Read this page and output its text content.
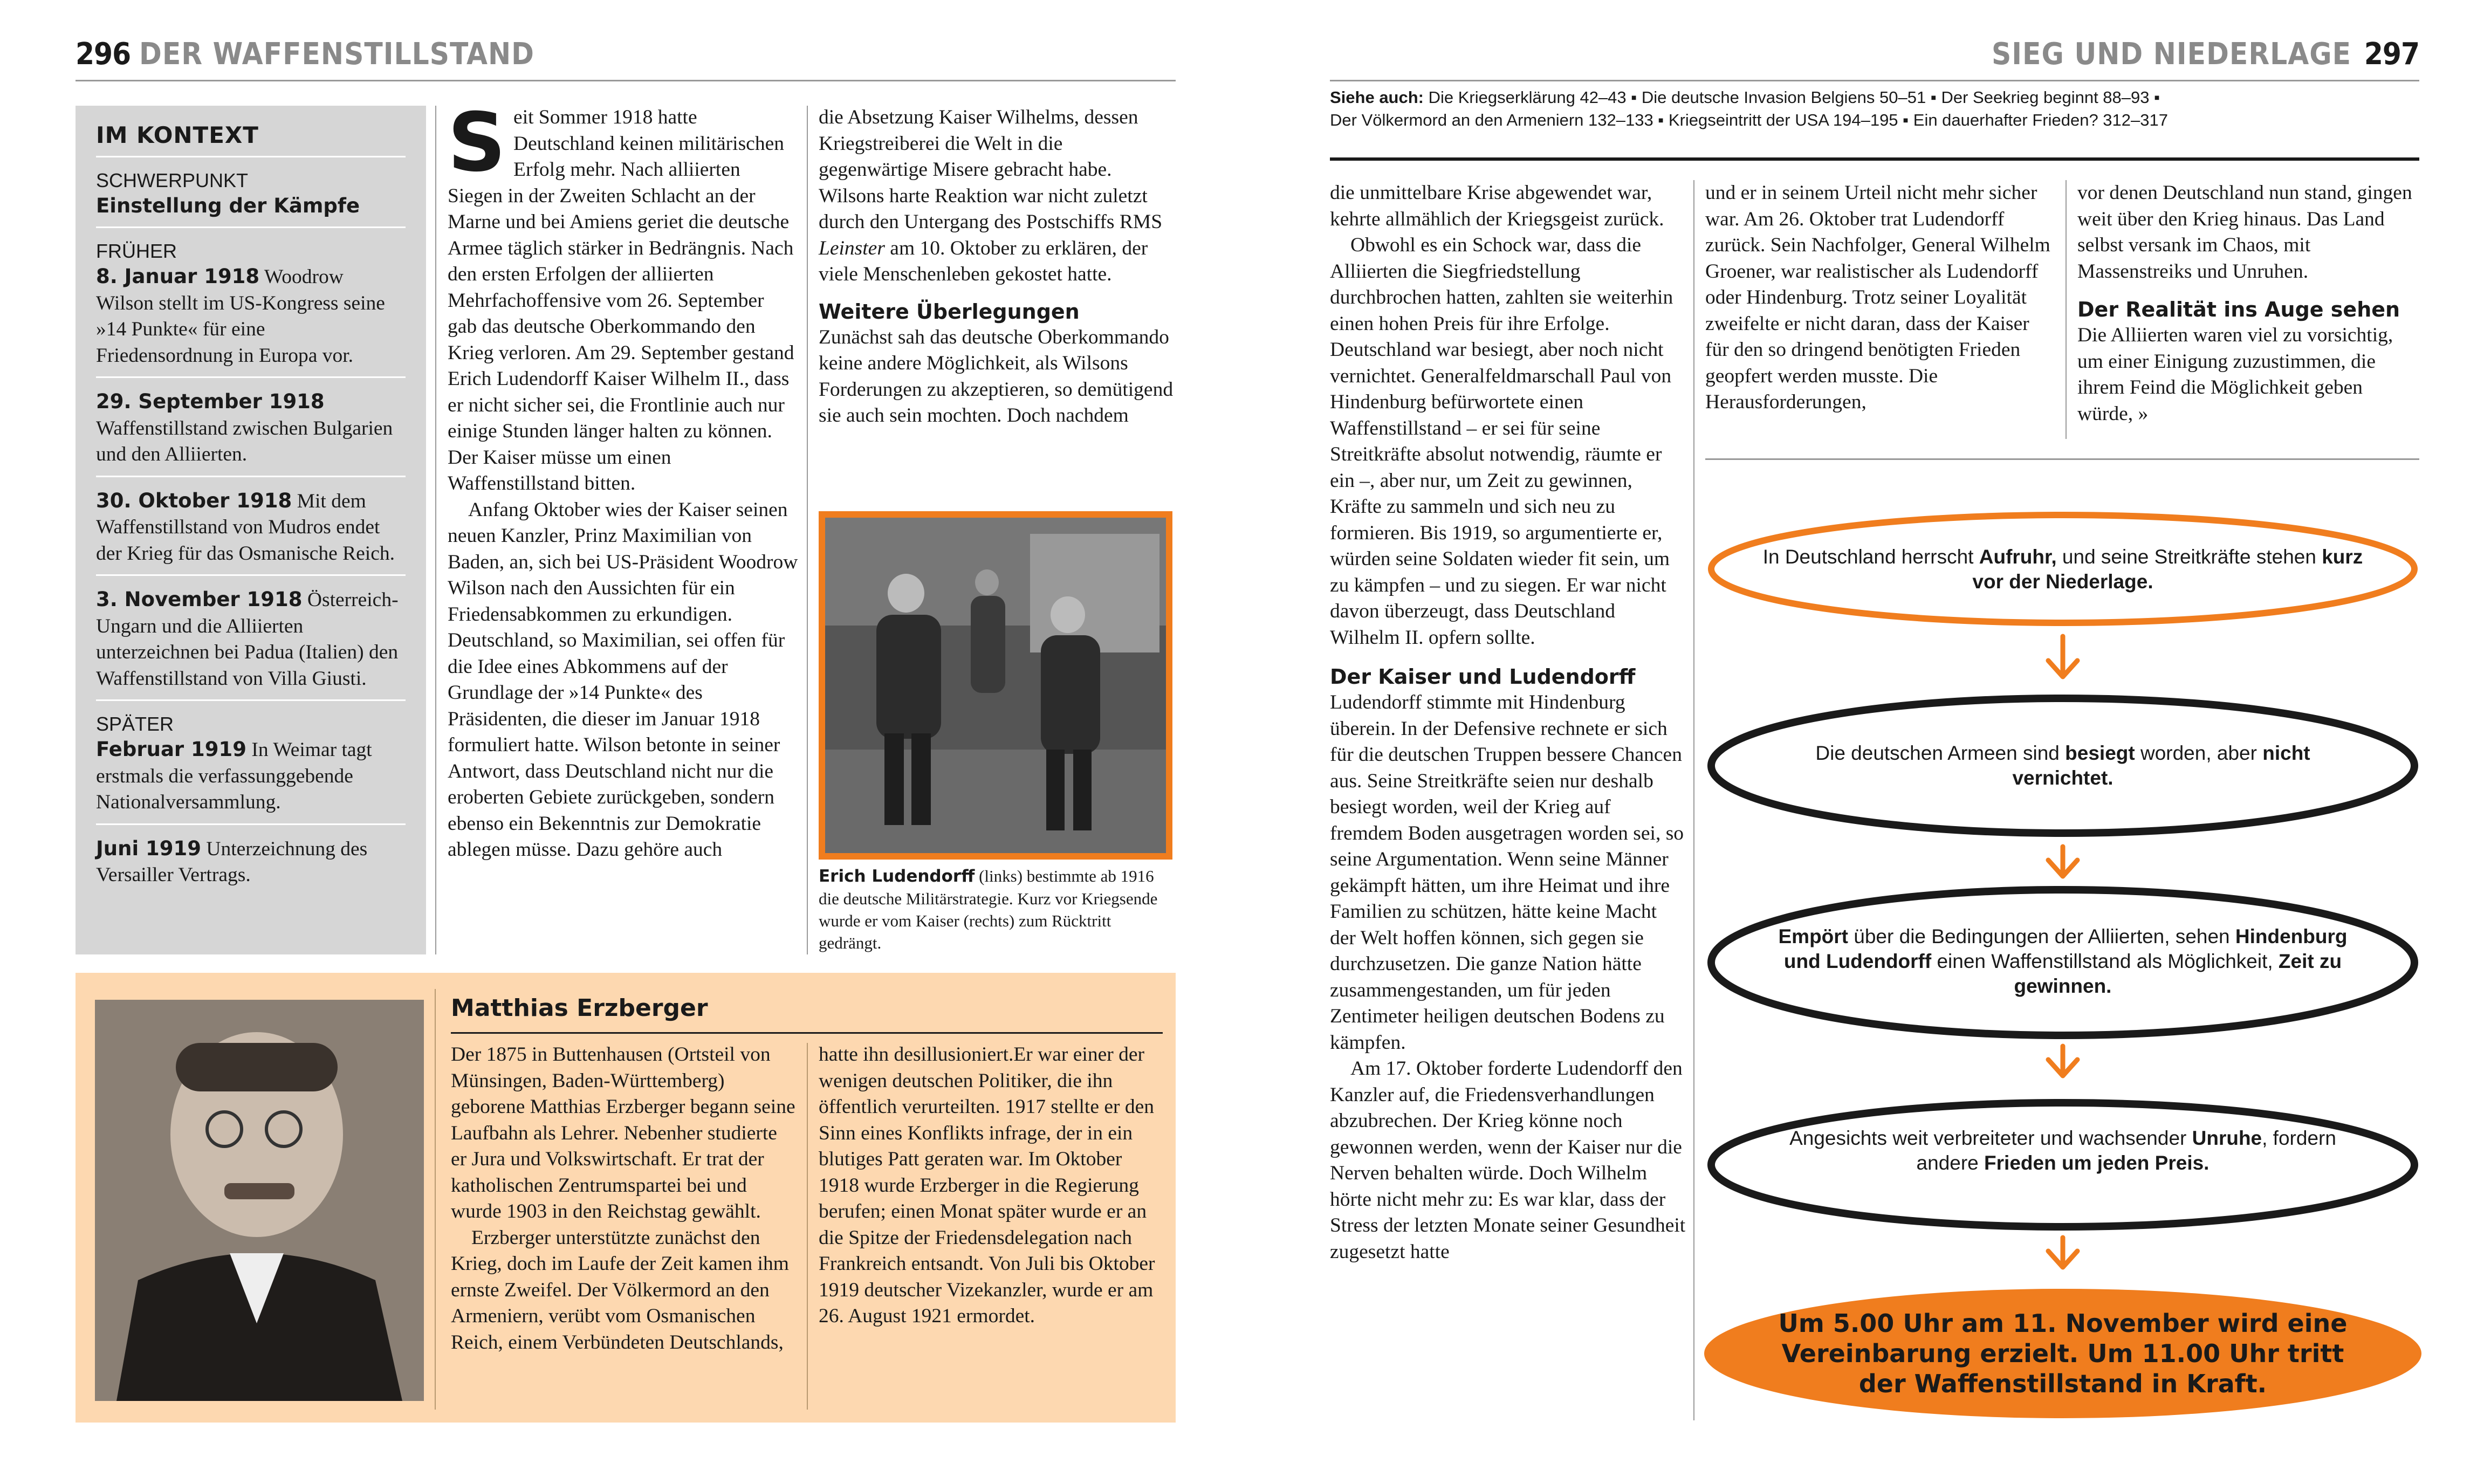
296 DER WAFFENSTILLSTAND
IM KONTEXT
SCHWERPUNKT
Einstellung der Kämpfe
FRÜHER
8. Januar 1918 Woodrow Wilson stellt im US-Kongress seine »14 Punkte« für eine Friedensordnung in Europa vor.
29. September 1918 Waffenstillstand zwischen Bulgarien und den Alliierten.
30. Oktober 1918 Mit dem Waffenstillstand von Mudros endet der Krieg für das Osmanische Reich.
3. November 1918 Österreich-Ungarn und die Alliierten unterzeichnen bei Padua (Italien) den Waffenstillstand von Villa Giusti.
SPÄTER
Februar 1919 In Weimar tagt erstmals die verfassunggebende Nationalversammlung.
Juni 1919 Unterzeichnung des Versailler Vertrags.

Seit Sommer 1918 hatte Deutschland keinen militärischen Erfolg mehr. Nach alliierten Siegen in der Zweiten Schlacht an der Marne und bei Amiens geriet die deutsche Armee täglich stärker in Bedrängnis. Nach den ersten Erfolgen der alliierten Mehrfachoffensive vom 26. September gab das deutsche Oberkommando den Krieg verloren. Am 29. September gestand Erich Ludendorff Kaiser Wilhelm II., dass er nicht sicher sei, die Frontlinie auch nur einige Stunden länger halten zu können. Der Kaiser müsse um einen Waffenstillstand bitten.

Anfang Oktober wies der Kaiser seinen neuen Kanzler, Prinz Maximilian von Baden, an, sich bei US-Präsident Woodrow Wilson nach den Aussichten für ein Friedensabkommen zu erkundigen. Deutschland, so Maximilian, sei offen für die Idee eines Abkommens auf der Grundlage der »14 Punkte« des Präsidenten, die dieser im Januar 1918 formuliert hatte. Wilson betonte in seiner Antwort, dass Deutschland nicht nur die eroberten Gebiete zurückgeben, sondern ebenso ein Bekenntnis zur Demokratie ablegen müsse. Dazu gehöre auch

die Absetzung Kaiser Wilhelms, dessen Kriegstreiberei die Welt in die gegenwärtige Misere gebracht habe. Wilsons harte Reaktion war nicht zuletzt durch den Untergang des Postschiffs RMS Leinster am 10. Oktober zu erklären, der viele Menschenleben gekostet hatte.

Weitere Überlegungen

Zunächst sah das deutsche Oberkommando keine andere Möglichkeit, als Wilsons Forderungen zu akzeptieren, so demütigend sie auch sein mochten. Doch nachdem

Erich Ludendorff (links) bestimmte ab 1916 die deutsche Militärstrategie. Kurz vor Kriegsende wurde er vom Kaiser (rechts) zum Rücktritt gedrängt.
Matthias Erzberger

Der 1875 in Buttenhausen (Ortsteil von Münsingen, Baden-Württemberg) geborene Matthias Erzberger begann seine Laufbahn als Lehrer. Nebenher studierte er Jura und Volkswirtschaft. Er trat der katholischen Zentrumspartei bei und wurde 1903 in den Reichstag gewählt.

Erzberger unterstützte zunächst den Krieg, doch im Laufe der Zeit kamen ihm ernste Zweifel. Der Völkermord an den Armeniern, verübt vom Osmanischen Reich, einem Verbündeten Deutschlands,

hatte ihn desillusioniert.Er war einer der wenigen deutschen Politiker, die ihn öffentlich verurteilten. 1917 stellte er den Sinn eines Konflikts infrage, der in ein blutiges Patt geraten war. Im Oktober 1918 wurde Erzberger in die Regierung berufen; einen Monat später wurde er an die Spitze der Friedensdelegation nach Frankreich entsandt. Von Juli bis Oktober 1919 deutscher Vizekanzler, wurde er am 26. August 1921 ermordet.

SIEG UND NIEDERLAGE 297
Siehe auch: Die Kriegserklärung 42–43 ▪ Die deutsche Invasion Belgiens 50–51 ▪ Der Seekrieg beginnt 88–93 ▪
Der Völkermord an den Armeniern 132–133 ▪ Kriegseintritt der USA 194–195 ▪ Ein dauerhafter Frieden? 312–317

die unmittelbare Krise abgewendet war, kehrte allmählich der Kriegsgeist zurück.

Obwohl es ein Schock war, dass die Alliierten die Siegfriedstellung durchbrochen hatten, zahlten sie weiterhin einen hohen Preis für ihre Erfolge. Deutschland war besiegt, aber noch nicht vernichtet. Generalfeldmarschall Paul von Hindenburg befürwortete einen Waffenstillstand – er sei für seine Streitkräfte absolut notwendig, räumte er ein –, aber nur, um Zeit zu gewinnen, Kräfte zu sammeln und sich neu zu formieren. Bis 1919, so argumentierte er, würden seine Soldaten wieder fit sein, um zu kämpfen – und zu siegen. Er war nicht davon überzeugt, dass Deutschland Wilhelm II. opfern sollte.

Der Kaiser und Ludendorff

Ludendorff stimmte mit Hindenburg überein. In der Defensive rechnete er sich für die deutschen Truppen bessere Chancen aus. Seine Streitkräfte seien nur deshalb besiegt worden, weil der Krieg auf fremdem Boden ausgetragen worden sei, so seine Argumentation. Wenn seine Männer gekämpft hätten, um ihre Heimat und ihre Familien zu schützen, hätte keine Macht der Welt hoffen können, sich gegen sie durchzusetzen. Die ganze Nation hätte zusammengestanden, um für jeden Zentimeter heiligen deutschen Bodens zu kämpfen.

Am 17. Oktober forderte Ludendorff den Kanzler auf, die Friedensverhandlungen abzubrechen. Der Krieg könne noch gewonnen werden, wenn der Kaiser nur die Nerven behalten würde. Doch Wilhelm hörte nicht mehr zu: Es war klar, dass der Stress der letzten Monate seiner Gesundheit zugesetzt hatte

und er in seinem Urteil nicht mehr sicher war. Am 26. Oktober trat Ludendorff zurück. Sein Nachfolger, General Wilhelm Groener, war realistischer als Ludendorff oder Hindenburg. Trotz seiner Loyalität zweifelte er nicht daran, dass der Kaiser für den so dringend benötigten Frieden geopfert werden musste. Die Herausforderungen,

vor denen Deutschland nun stand, gingen weit über den Krieg hinaus. Das Land selbst versank im Chaos, mit Massenstreiks und Unruhen.

Der Realität ins Auge sehen

Die Alliierten waren viel zu vorsichtig, um einer Einigung zuzustimmen, die ihrem Feind die Möglichkeit geben würde, »

In Deutschland herrscht Aufruhr, und seine Streitkräfte stehen kurz vor der Niederlage.
Die deutschen Armeen sind besiegt worden, aber nicht vernichtet.
Empört über die Bedingungen der Alliierten, sehen Hindenburg und Ludendorff einen Waffenstillstand als Möglichkeit, Zeit zu gewinnen.
Angesichts weit verbreiteter und wachsender Unruhe, fordern andere Frieden um jeden Preis.
Um 5.00 Uhr am 11. November wird eine Vereinbarung erzielt. Um 11.00 Uhr tritt der Waffenstillstand in Kraft.
